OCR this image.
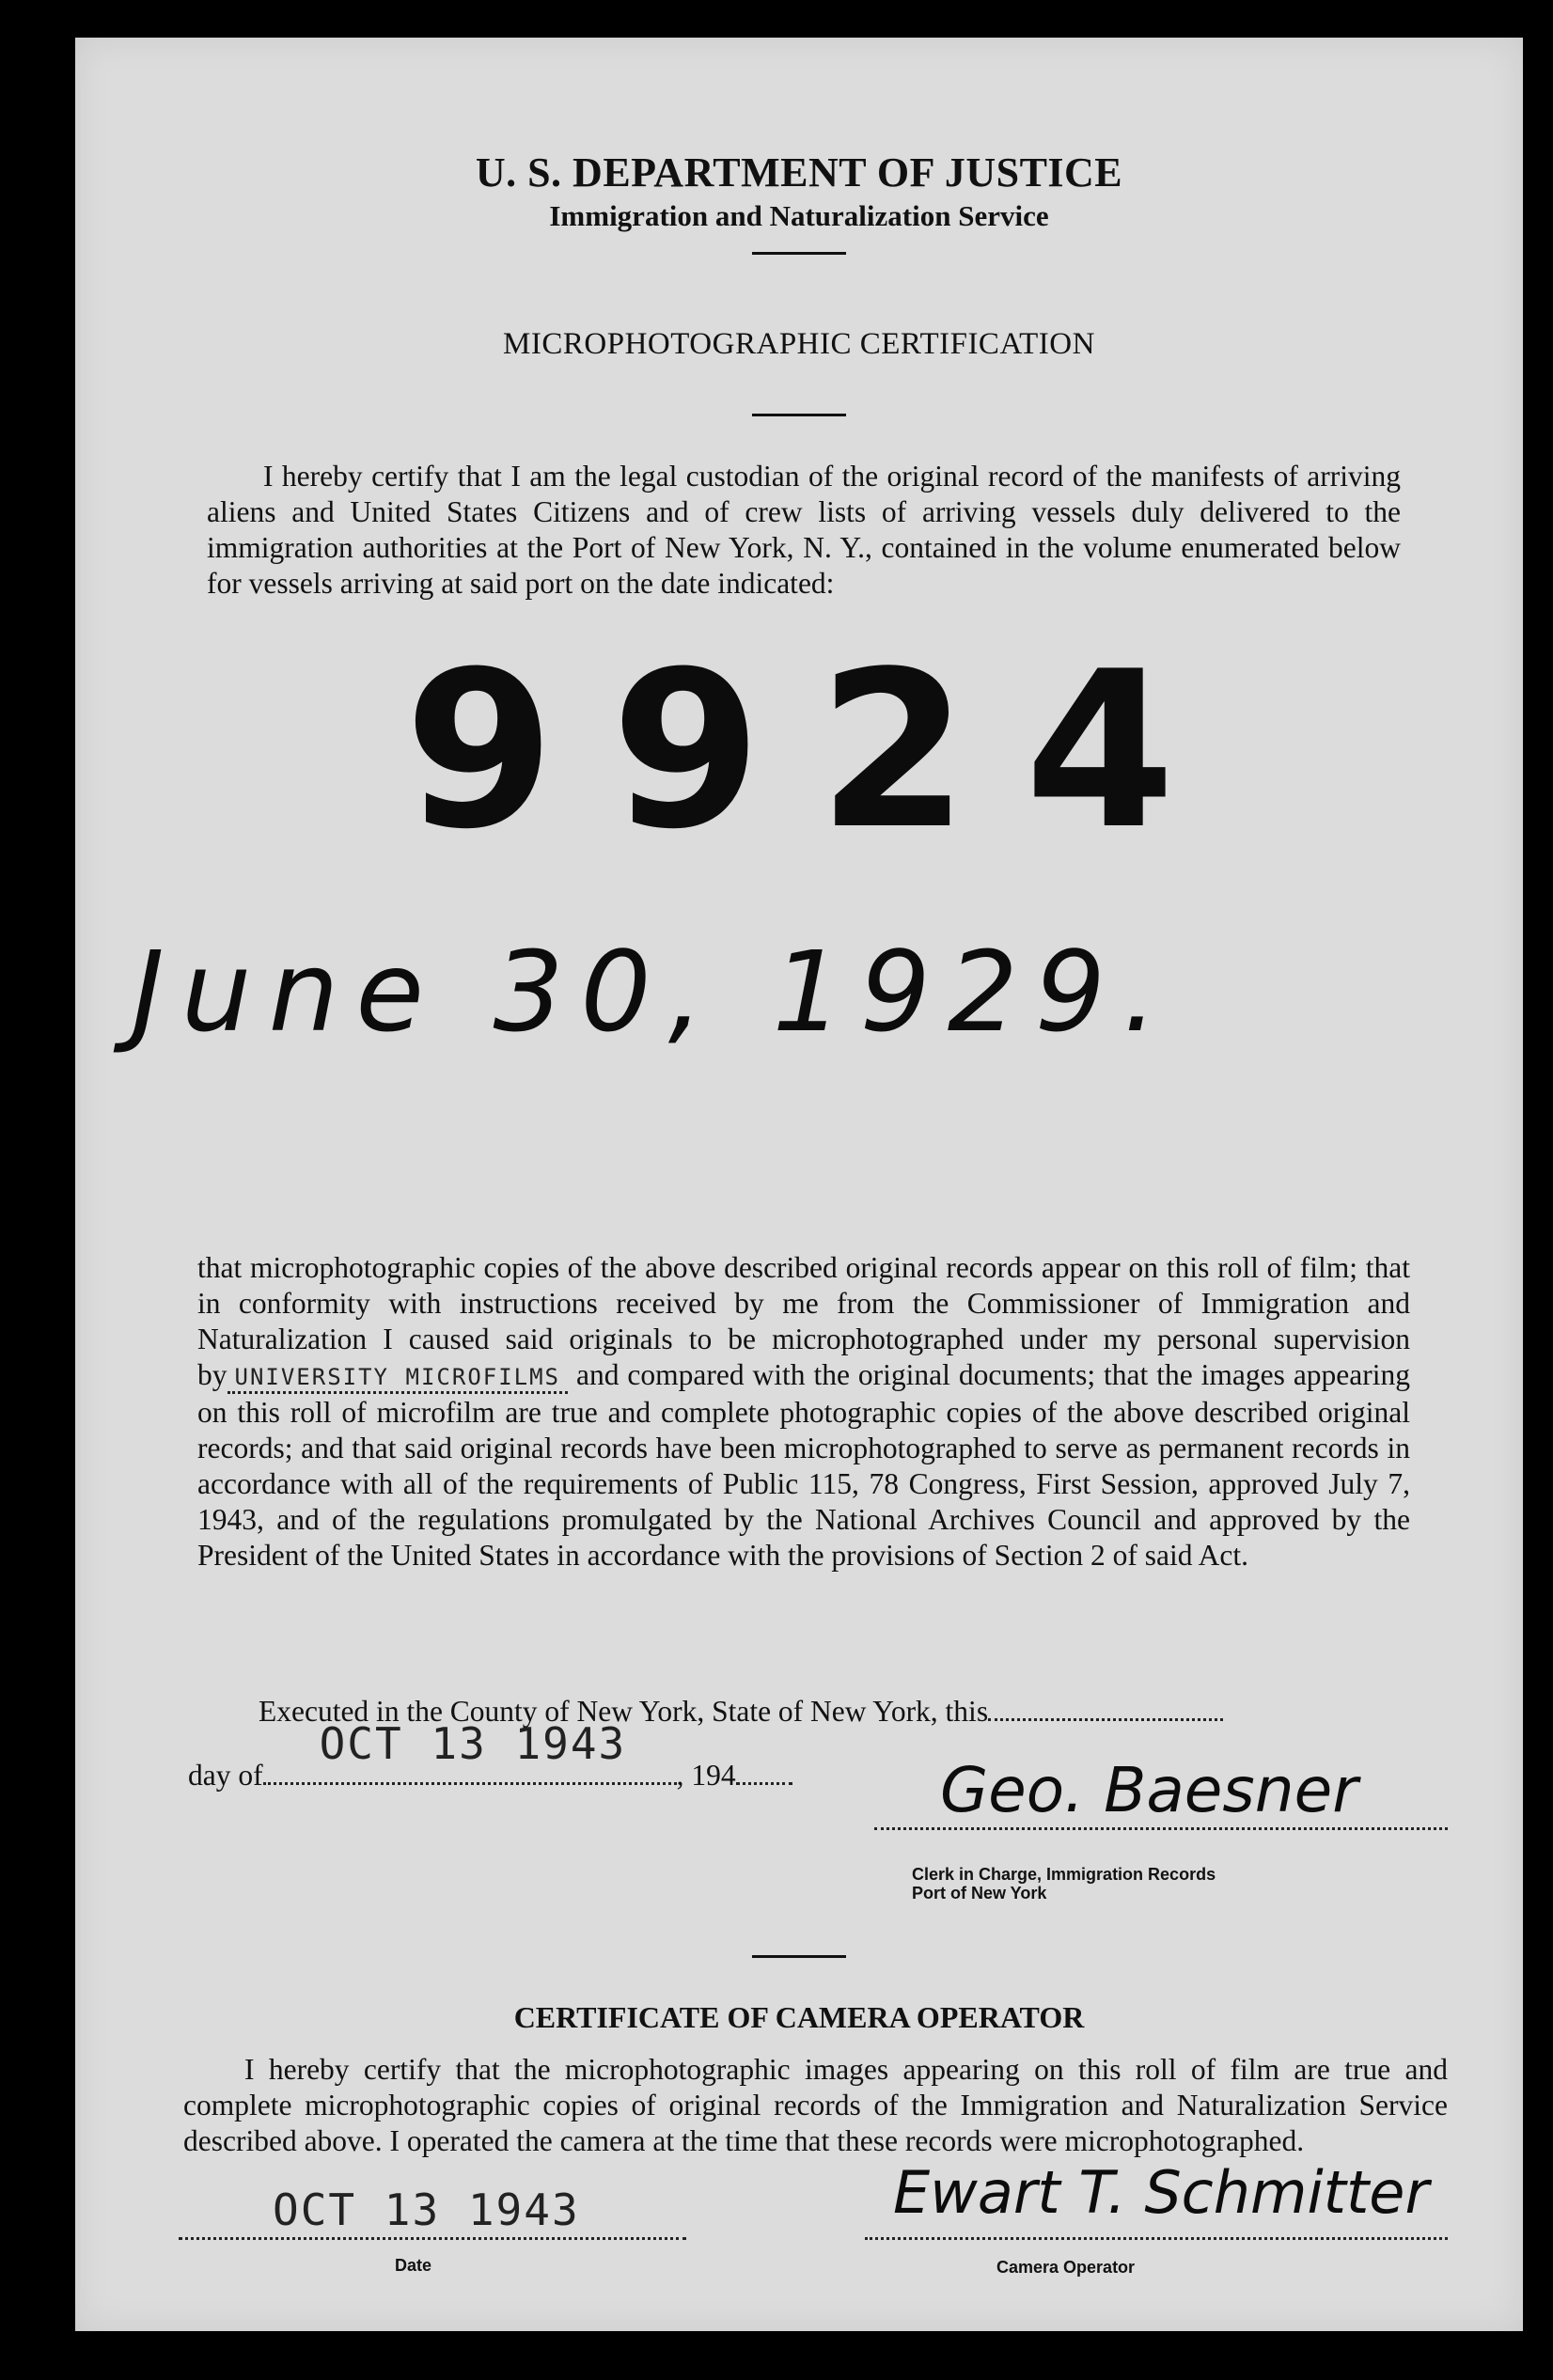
U. S. DEPARTMENT OF JUSTICE
Immigration and Naturalization Service
MICROPHOTOGRAPHIC CERTIFICATION
I hereby certify that I am the legal custodian of the original record of the manifests of arriving aliens and United States Citizens and of crew lists of arriving vessels duly delivered to the immigration authorities at the Port of New York, N. Y., contained in the volume enumerated below for vessels arriving at said port on the date indicated:
9924
June 30, 1929.
that microphotographic copies of the above described original records appear on this roll of film; that in conformity with instructions received by me from the Commissioner of Immigration and Naturalization I caused said originals to be microphotographed under my personal supervision by UNIVERSITY MICROFILMS and compared with the original documents; that the images appearing on this roll of microfilm are true and complete photographic copies of the above described original records; and that said original records have been microphotographed to serve as permanent records in accordance with all of the requirements of Public 115, 78 Congress, First Session, approved July 7, 1943, and of the regulations promulgated by the National Archives Council and approved by the President of the United States in accordance with the provisions of Section 2 of said Act.
Executed in the County of New York, State of New York, this
day of
OCT 13 1943
, 194	Geo. Baesner
Clerk in Charge, Immigration Records
Port of New York
CERTIFICATE OF CAMERA OPERATOR
I hereby certify that the microphotographic images appearing on this roll of film are true and complete microphotographic copies of original records of the Immigration and Naturalization Service described above. I operated the camera at the time that these records were microphotographed.
OCT 13 1943
Date
Ewart T. Schmitter
Camera Operator
